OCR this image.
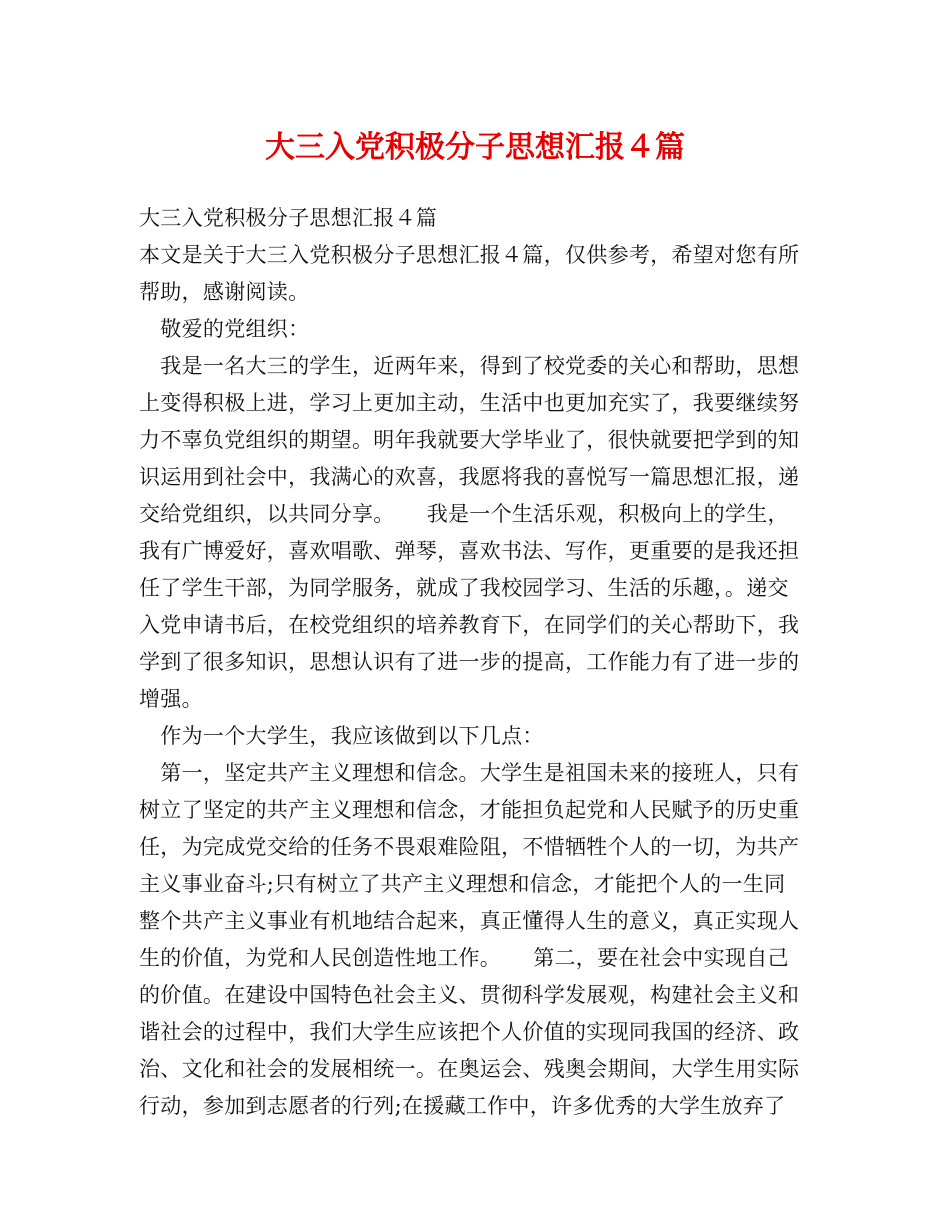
大三入党积极分子思想汇报４篇
大三入党积极分子思想汇报４篇
本文是关于大三入党积极分子思想汇报４篇，仅供参考，希望对您有所
帮助，感谢阅读。
　敬爱的党组织：
　我是一名大三的学生，近两年来，得到了校党委的关心和帮助，思想
上变得积极上进，学习上更加主动，生活中也更加充实了，我要继续努
力不辜负党组织的期望。明年我就要大学毕业了，很快就要把学到的知
识运用到社会中，我满心的欢喜，我愿将我的喜悦写一篇思想汇报，递
交给党组织，以共同分享。　　我是一个生活乐观，积极向上的学生，
我有广博爱好，喜欢唱歌、弹琴，喜欢书法、写作，更重要的是我还担
任了学生干部，为同学服务，就成了我校园学习、生活的乐趣，。递交
入党申请书后，在校党组织的培养教育下，在同学们的关心帮助下，我
学到了很多知识，思想认识有了进一步的提高，工作能力有了进一步的
增强。
　作为一个大学生，我应该做到以下几点：
　第一，坚定共产主义理想和信念。大学生是祖国未来的接班人，只有
树立了坚定的共产主义理想和信念，才能担负起党和人民赋予的历史重
任，为完成党交给的任务不畏艰难险阻，不惜牺牲个人的一切，为共产
主义事业奋斗;只有树立了共产主义理想和信念，才能把个人的一生同
整个共产主义事业有机地结合起来，真正懂得人生的意义，真正实现人
生的价值，为党和人民创造性地工作。　　第二，要在社会中实现自己
的价值。在建设中国特色社会主义、贯彻科学发展观，构建社会主义和
谐社会的过程中，我们大学生应该把个人价值的实现同我国的经济、政
治、文化和社会的发展相统一。在奥运会、残奥会期间，大学生用实际
行动，参加到志愿者的行列;在援藏工作中，许多优秀的大学生放弃了
